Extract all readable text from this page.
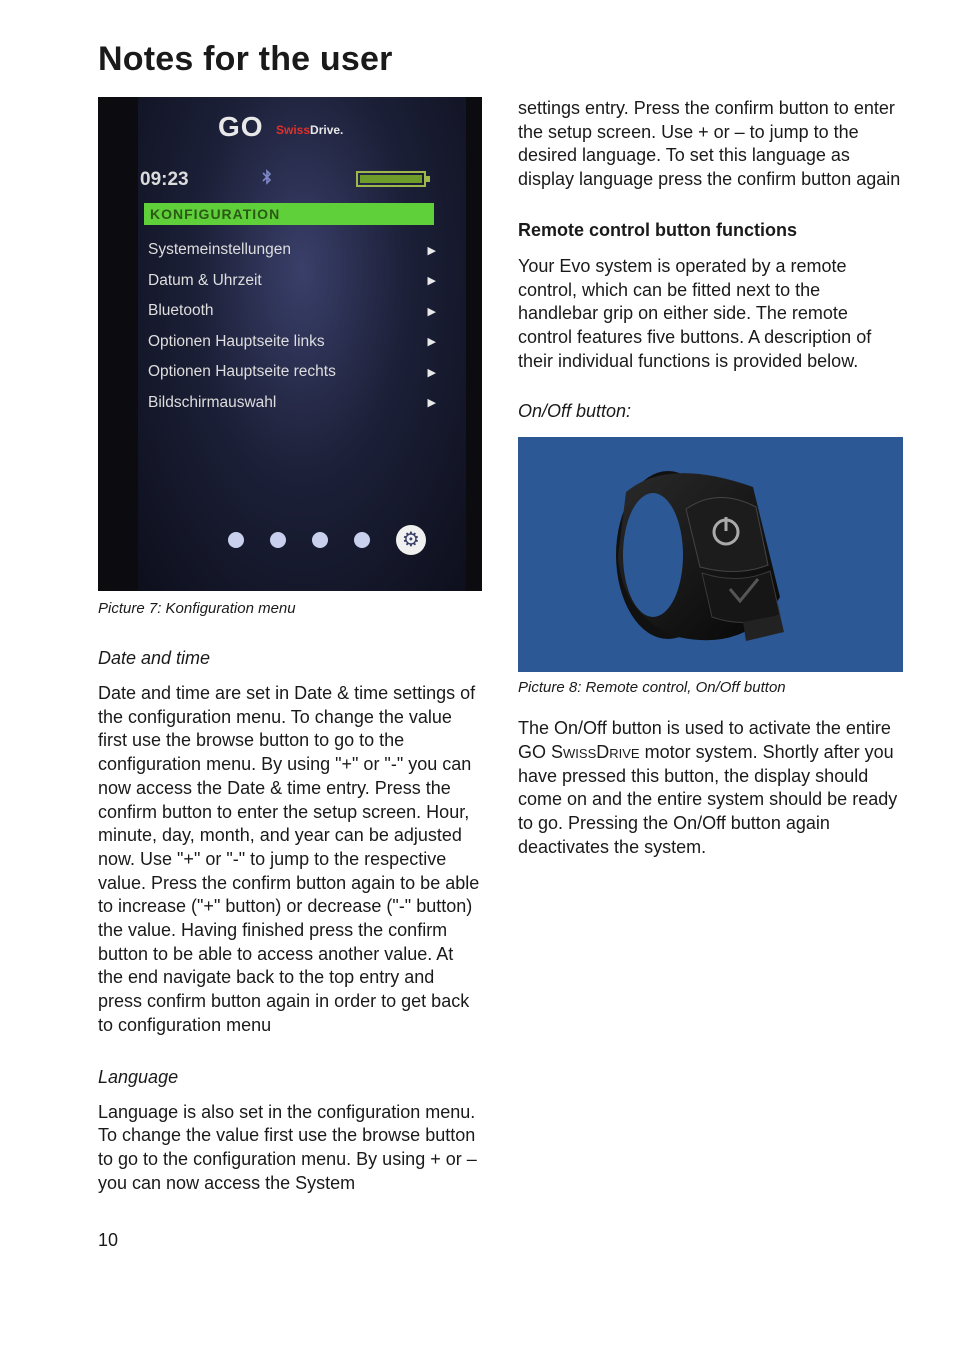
Notes for the user
GO SwissDrive.
09:23
KONFIGURATION
Systemeinstellungen	▶
Datum & Uhrzeit	▶
Bluetooth	▶
Optionen Hauptseite links	▶
Optionen Hauptseite rechts	▶
Bildschirmauswahl	▶
⚙

Picture 7: Konfiguration menu

Date and time

Date and time are set in Date & time settings of the configuration menu. To change the value first use the browse button to go to the configuration menu. By using "+" or "-" you can now access the Date & time entry. Press the confirm button to enter the setup screen. Hour, minute, day, month, and year can be adjusted now. Use "+" or "-" to jump to the respective value. Press the confirm button again to be able to increase ("+" button) or decrease ("-" button) the value. Having finished press the confirm button to be able to access another value. At the end navigate back to the top entry and press confirm button again in order to get back to configuration menu

Language

Language is also set in the configuration menu. To change the value first use the browse button to go to the configuration menu. By using + or – you can now access the System

settings entry. Press the confirm button to enter the setup screen. Use + or – to jump to the desired language. To set this language as display language press the confirm button again

Remote control button functions

Your Evo system is operated by a remote control, which can be fitted next to the handlebar grip on either side. The remote control features five buttons. A description of their individual functions is provided below.

On/Off button:

Picture 8: Remote control, On/Off button

The On/Off button is used to activate the entire GO SwissDrive motor system. Shortly after you have pressed this button, the display should come on and the entire system should be ready to go. Pressing the On/Off button again deactivates the system.

10
